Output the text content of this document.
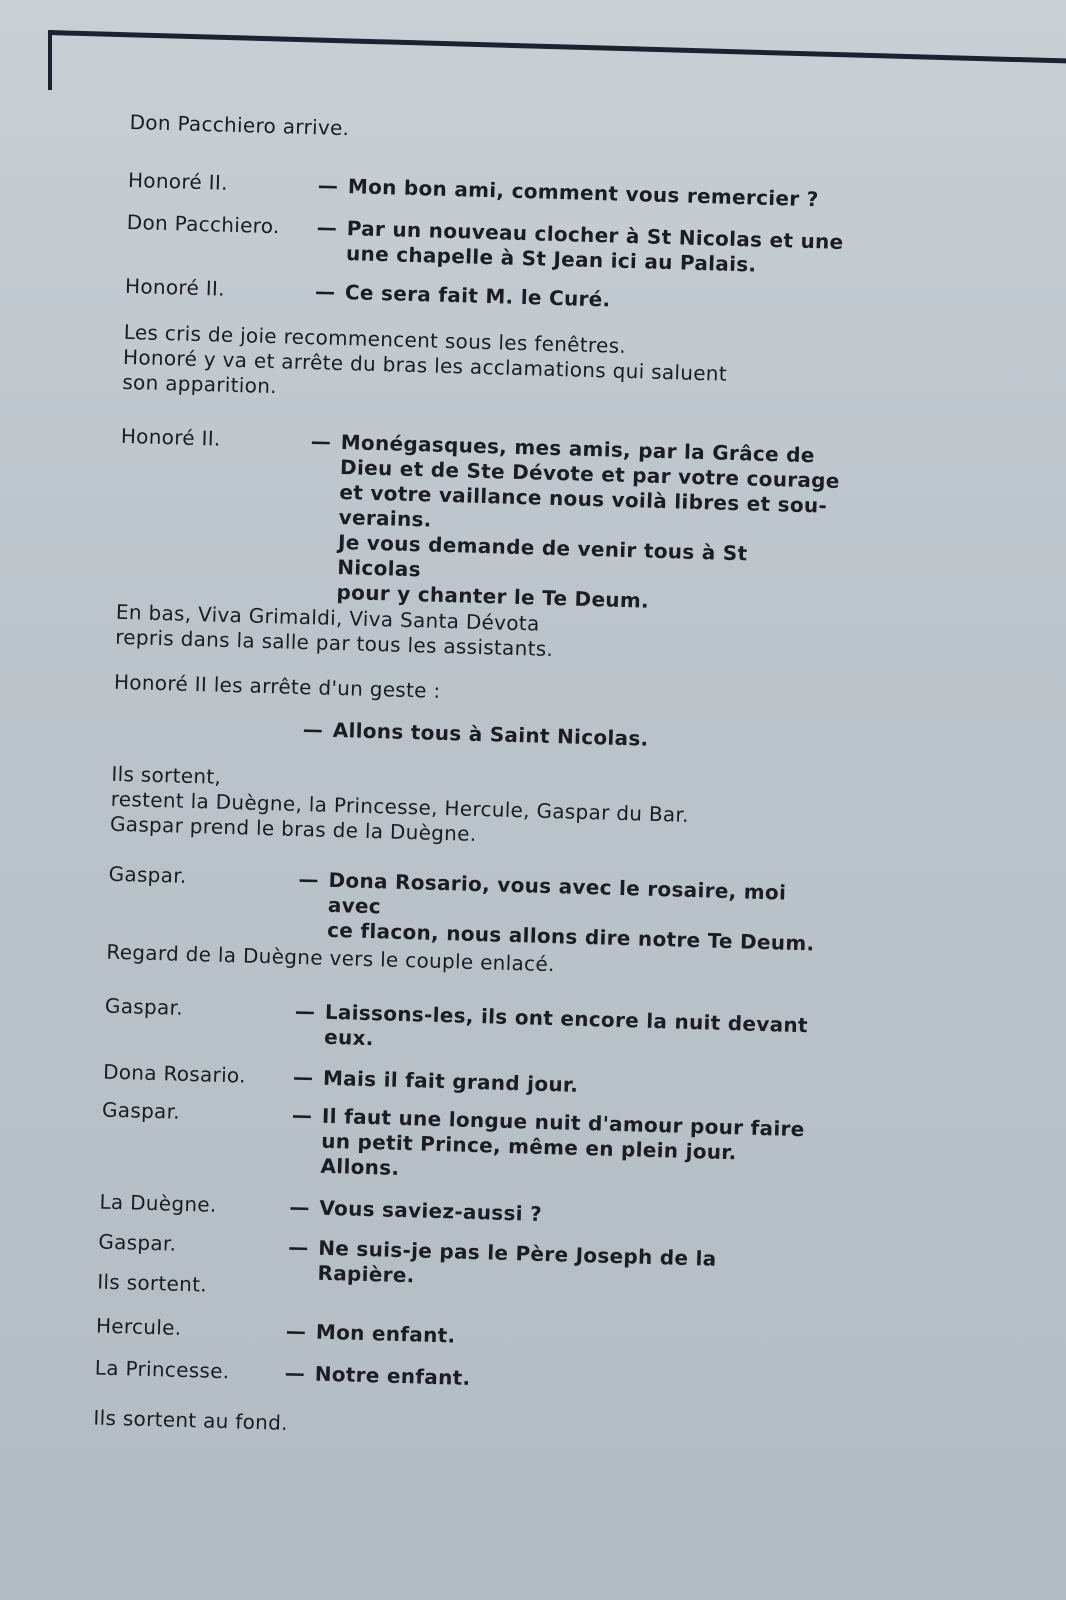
Don Pacchiero arrive.
Honoré II.	— Mon bon ami, comment vous remercier ?
Don Pacchiero. — Par un nouveau clocher à St Nicolas et une
une chapelle à St Jean ici au Palais.
Honoré II.	— Ce sera fait M. le Curé.
Les cris de joie recommencent sous les fenêtres.
Honoré y va et arrête du bras les acclamations qui saluent
son apparition.
Honoré II.	— Monégasques, mes amis, par la Grâce de
Dieu et de Ste Dévote et par votre courage
et votre vaillance nous voilà libres et sou-
verains.
Je vous demande de venir tous à St Nicolas
pour y chanter le Te Deum.
En bas, Viva Grimaldi, Viva Santa Dévota
repris dans la salle par tous les assistants.
Honoré II les arrête d'un geste :
— Allons tous à Saint Nicolas.
Ils sortent,
restent la Duègne, la Princesse, Hercule, Gaspar du Bar.
Gaspar prend le bras de la Duègne.
Gaspar.	— Dona Rosario, vous avec le rosaire, moi avec
ce flacon, nous allons dire notre Te Deum.
Regard de la Duègne vers le couple enlacé.
Gaspar.	— Laissons-les, ils ont encore la nuit devant
eux.
Dona Rosario. — Mais il fait grand jour.
Gaspar.	— Il faut une longue nuit d'amour pour faire
un petit Prince, même en plein jour.
Allons.
La Duègne.	— Vous saviez-aussi ?
Gaspar.	— Ne suis-je pas le Père Joseph de la Rapière.
Ils sortent.
Hercule.	— Mon enfant.
La Princesse.	— Notre enfant.
Ils sortent au fond.
